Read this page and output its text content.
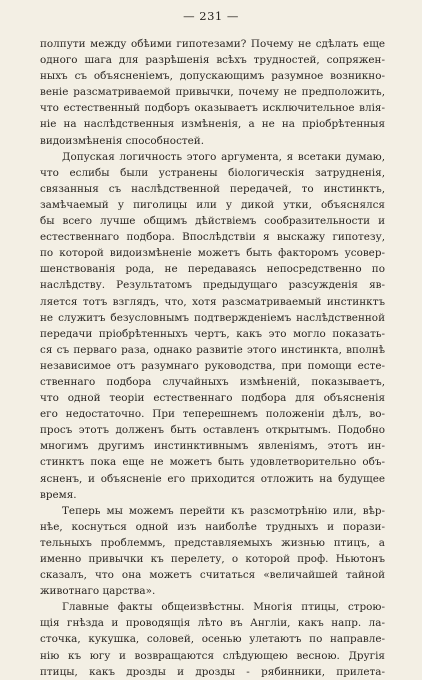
— 231 —
полпути между обѣими гипотезами? Почему не сдѣлать еще
одного шага для разрѣшенія всѣхъ трудностей, сопряжен-
ныхъ съ объясненіемъ, допускающимъ разумное возникно-
веніе разсматриваемой привычки, почему не предположить,
что естественный подборъ оказываетъ исключительное влія-
ніе на наслѣдственныя измѣненія, а не на пріобрѣтенныя
видоизмѣненія способностей.
Допуская логичность этого аргумента, я всетаки думаю,
что еслибы были устранены біологическія затрудненія,
связанныя съ наслѣдственной передачей, то инстинктъ,
замѣчаемый у пиголицы или у дикой утки, объяснялся
бы всего лучше общимъ дѣйствіемъ сообразительности и
естественнаго подбора. Впослѣдствіи я выскажу гипотезу,
по которой видоизмѣненіе можетъ быть факторомъ усовер-
шенствованія рода, не передаваясь непосредственно по
наслѣдству. Результатомъ предыдущаго разсужденія яв-
ляется тотъ взглядъ, что, хотя разсматриваемый инстинктъ
не служитъ безусловнымъ подтвержденіемъ наслѣдственной
передачи пріобрѣтенныхъ чертъ, какъ это могло показать-
ся съ перваго раза, однако развитіе этого инстинкта, вполнѣ
независимое отъ разумнаго руководства, при помощи есте-
ственнаго подбора случайныхъ измѣненій, показываетъ,
что одной теоріи естественнаго подбора для объясненія
его недостаточно. При теперешнемъ положеніи дѣлъ, во-
просъ этотъ долженъ быть оставленъ открытымъ. Подобно
многимъ другимъ инстинктивнымъ явленіямъ, этотъ ин-
стинктъ пока еще не можетъ быть удовлетворительно объ-
ясненъ, и объясненіе его приходится отложить на будущее
время.
Теперь мы можемъ перейти къ разсмотрѣнію или, вѣр-
нѣе, коснуться одной изъ наиболѣе трудныхъ и порази-
тельныхъ проблеммъ, представляемыхъ жизнью птицъ, а
именно привычки къ перелету, о которой проф. Ньютонъ
сказалъ, что она можетъ считаться «величайшей тайной
животнаго царства».
Главные факты общеизвѣстны. Многія птицы, строю-
щія гнѣзда и проводящія лѣто въ Англіи, какъ напр. ла-
сточка, кукушка, соловей, осенью улетаютъ по направле-
нію къ югу и возвращаются слѣдующею весною. Другія
птицы, какъ дрозды и дрозды - рябинники, прилета-
